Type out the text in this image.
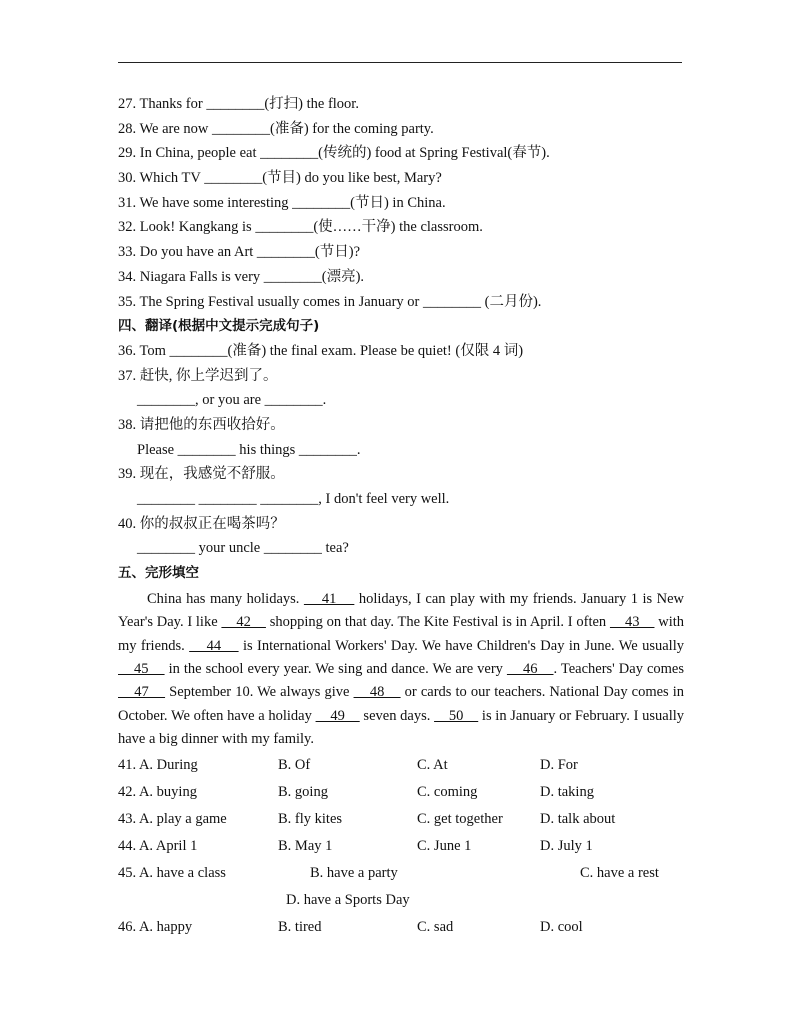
27. Thanks for ________(打扫) the floor.
28. We are now ________(准备) for the coming party.
29. In China, people eat ________(传统的) food at Spring Festival(春节).
30. Which TV ________(节目) do you like best, Mary?
31. We have some interesting ________(节日) in China.
32. Look! Kangkang is ________(使……干净) the classroom.
33. Do you have an Art ________(节日)?
34. Niagara Falls is very ________(漂亮).
35. The Spring Festival usually comes in January or ________ (二月份).
四、翻译(根据中文提示完成句子)
36. Tom ________(准备) the final exam. Please be quiet! (仅限 4 词)
37. 赶快, 你上学迟到了。
________, or you are ________.
38. 请把他的东西收拾好。
Please ________ his things ________.
39. 现在，我感觉不舒服。
________ ________ ________, I don't feel very well.
40. 你的叔叔正在喝茶吗？
________ your uncle ________ tea?
五、完形填空

China has many holidays.     41     holidays, I can play with my friends. January 1 is New Year's Day. I like     42     shopping on that day. The Kite Festival is in April. I often     43     with my friends.     44     is International Workers' Day. We have Children's Day in June. We usually     45     in the school every year. We sing and dance. We are very     46    . Teachers' Day comes     47     September 10. We always give     48     or cards to our teachers. National Day comes in October. We often have a holiday     49     seven days.     50     is in January or February. I usually have a big dinner with my family.

41. A. During	B. Of	C. At	D. For
42. A. buying	B. going	C. coming	D. taking
43. A. play a game	B. fly kites	C. get together	D. talk about
44. A. April 1	B. May 1	C. June 1	D. July 1
45. A. have a class	B. have a party	C. have a rest
D. have a Sports Day
46. A. happy	B. tired	C. sad	D. cool
